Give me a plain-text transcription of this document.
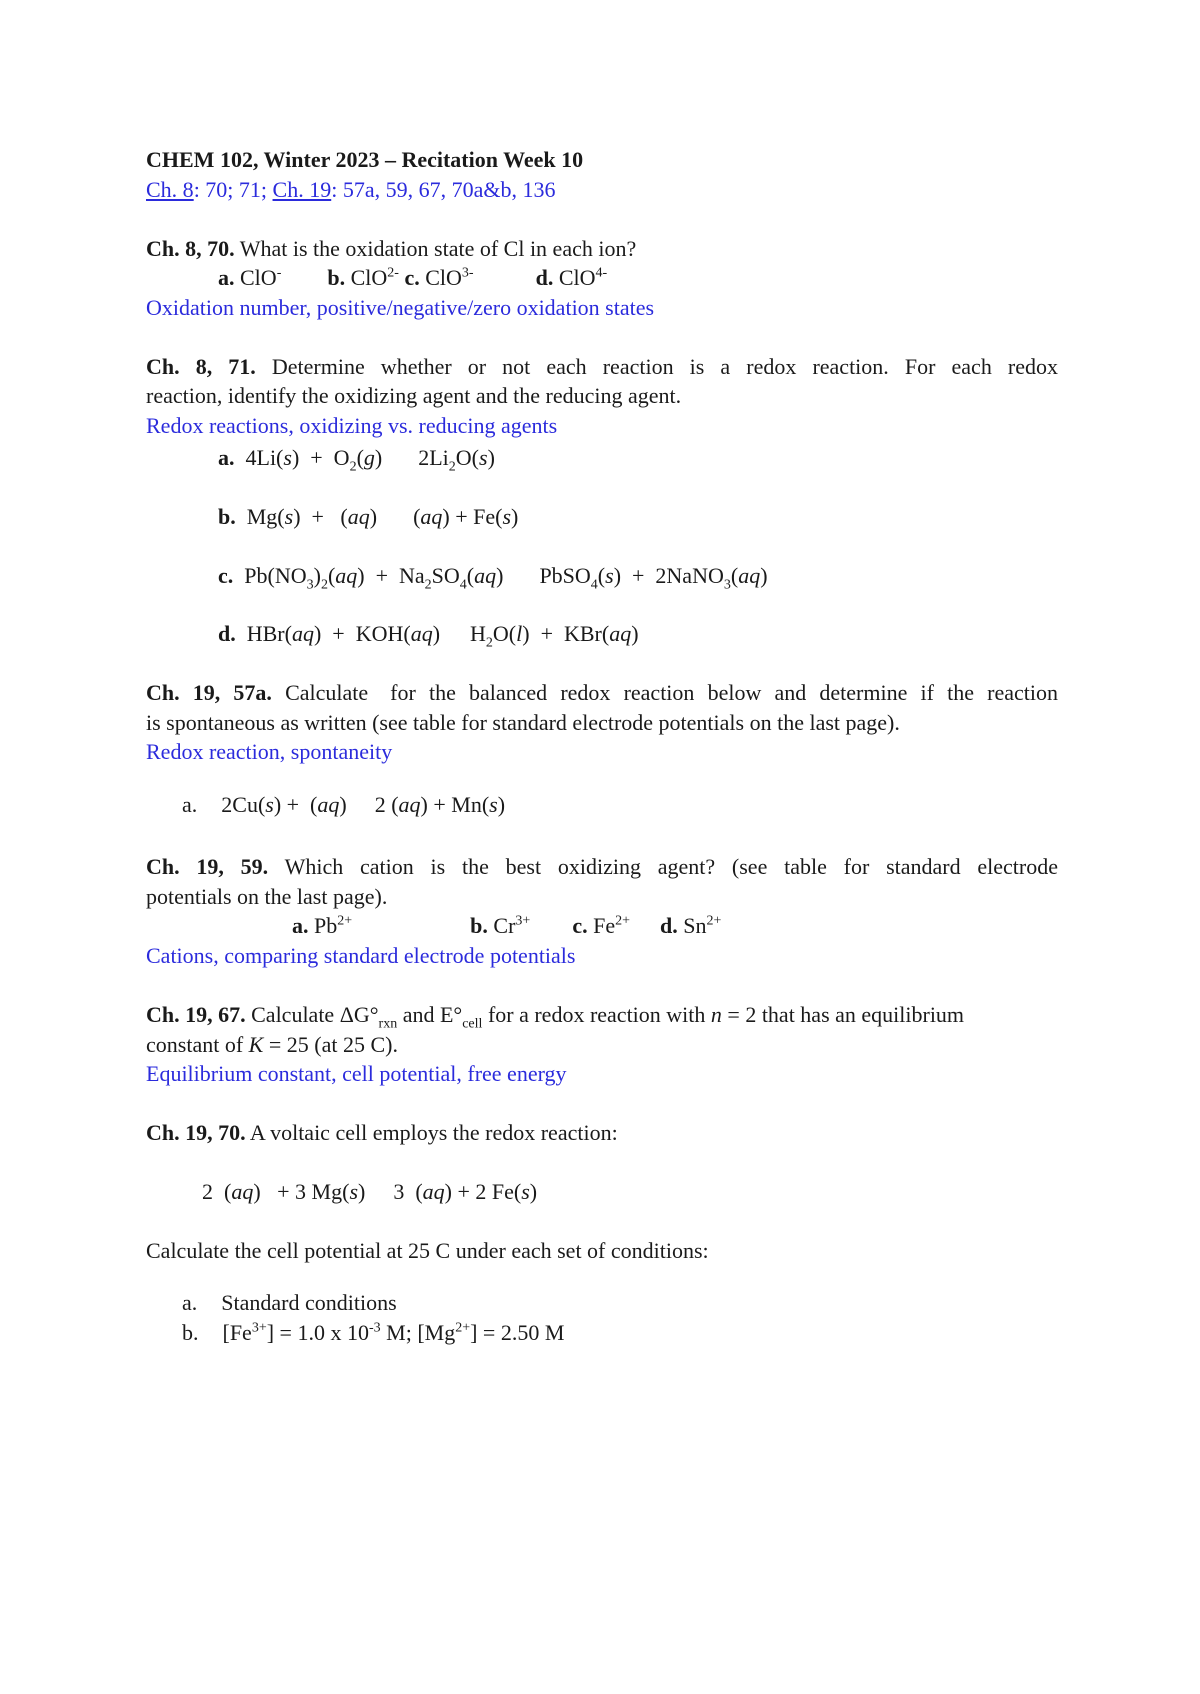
CHEM 102, Winter 2023 – Recitation Week 10
Ch. 8: 70; 71; Ch. 19: 57a, 59, 67, 70a&b, 136
Ch. 8, 70. What is the oxidation state of Cl in each ion?
a. ClO- b. ClO$^{2-}$ c. ClO$^{3-}$	d. ClO$^{4-}$
Oxidation number, positive/negative/zero oxidation states
Ch. 8, 71. Determine whether or not each reaction is a redox reaction. For each redox
reaction, identify the oxidizing agent and the reducing agent.
Redox reactions, oxidizing vs. reducing agents
a.  $4Li(s) + O_2(g)$ $2Li_2O(s)$
b.  Mg(s)  +   (aq) (aq) + Fe(s)
c.  $Pb(NO_3)_2(aq) + Na_2SO_4(aq)$ PbSO$_4$(s)  +  2NaNO$_3$(aq)
d.  HBr(aq)  +  KOH(aq) $H_2O(l) + KBr(aq)$
Ch. 19, 57a. Calculate for the balanced redox reaction below and determine if the reaction
is spontaneous as written (see table for standard electrode potentials on the last page).
Redox reaction, spontaneity
a. 2Cu(s) +  (aq) 2 (aq) + Mn(s)
Ch. 19, 59. Which cation is the best oxidizing agent? (see table for standard electrode
potentials on the last page).
a. $Pb^{2+}$	b. $Cr^{3+}$ c. $Fe^{2+}$ d. $Sn^{2+}$
Cations, comparing standard electrode potentials
Ch. 19, 67. Calculate $\Delta G^\circ_{rxn}$ and $E^\circ_{cell}$ for a redox reaction with n = 2 that has an equilibrium
constant of K = 25 (at 25 C).
Equilibrium constant, cell potential, free energy
Ch. 19, 70. A voltaic cell employs the redox reaction:
2  (aq)   + 3 Mg(s) 3  (aq) + 2 Fe(s)
Calculate the cell potential at 25 C under each set of conditions:
a. Standard conditions
b. $[Fe^{3+}] = 1.0$ x $10^{-3}$ M; $[Mg^{2+}] = 2.50$ M
